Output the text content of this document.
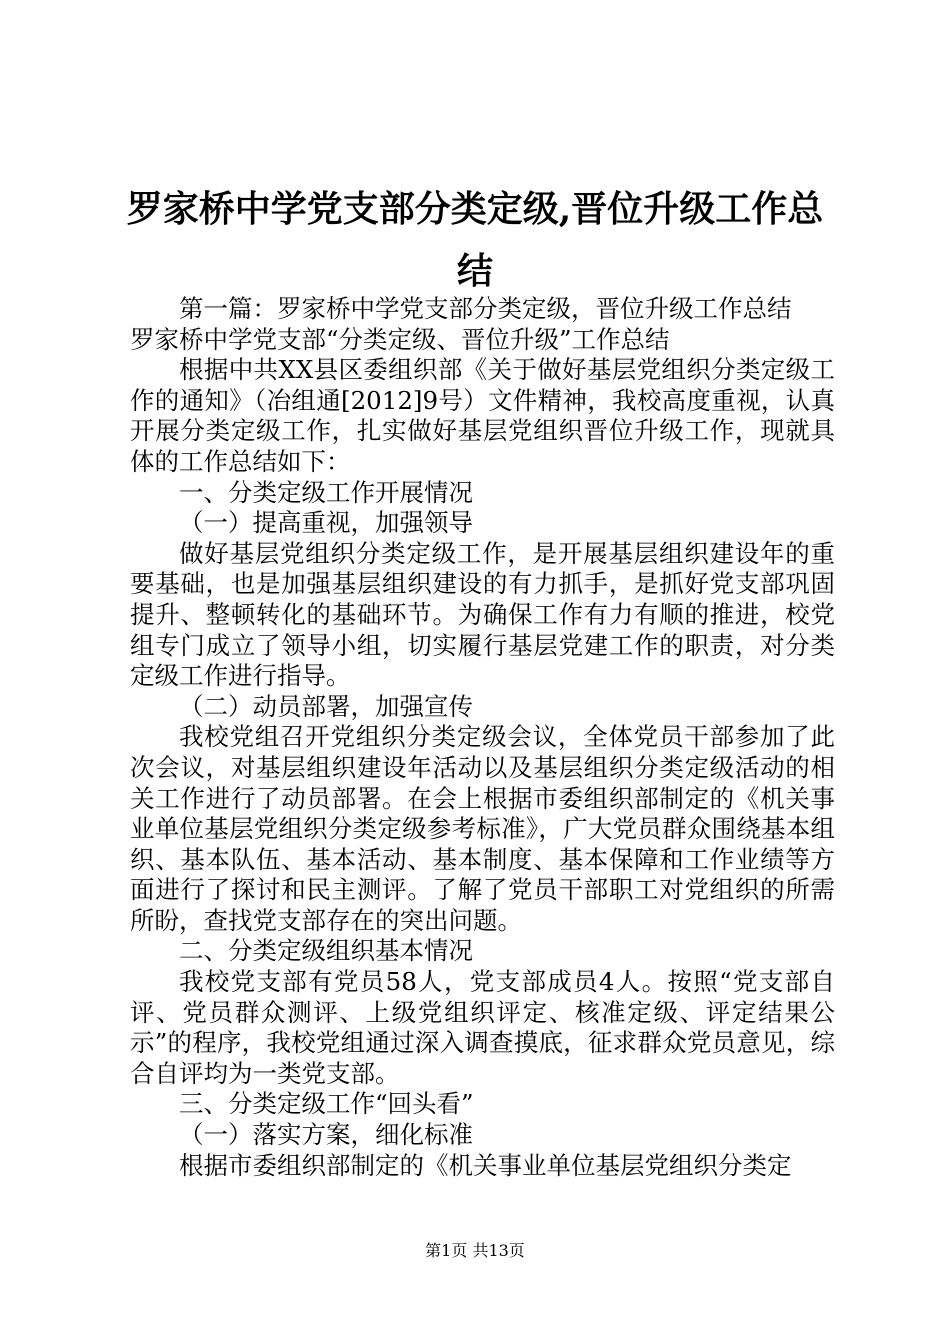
罗家桥中学党支部分类定级,晋位升级工作总结

第一篇：罗家桥中学党支部分类定级，晋位升级工作总结

罗家桥中学党支部“分类定级、晋位升级”工作总结

根据中共XX县区委组织部《关于做好基层党组织分类定级工作的通知》（冶组通[2012]9号）文件精神，我校高度重视，认真开展分类定级工作，扎实做好基层党组织晋位升级工作，现就具体的工作总结如下：

一、分类定级工作开展情况

（一）提高重视，加强领导

做好基层党组织分类定级工作，是开展基层组织建设年的重要基础，也是加强基层组织建设的有力抓手，是抓好党支部巩固提升、整顿转化的基础环节。为确保工作有力有顺的推进，校党组专门成立了领导小组，切实履行基层党建工作的职责，对分类定级工作进行指导。

（二）动员部署，加强宣传

我校党组召开党组织分类定级会议，全体党员干部参加了此次会议，对基层组织建设年活动以及基层组织分类定级活动的相关工作进行了动员部署。在会上根据市委组织部制定的《机关事业单位基层党组织分类定级参考标准》，广大党员群众围绕基本组织、基本队伍、基本活动、基本制度、基本保障和工作业绩等方面进行了探讨和民主测评。了解了党员干部职工对党组织的所需所盼，查找党支部存在的突出问题。

二、分类定级组织基本情况

我校党支部有党员58人，党支部成员4人。按照“党支部自评、党员群众测评、上级党组织评定、核准定级、评定结果公示”的程序，我校党组通过深入调查摸底，征求群众党员意见，综合自评均为一类党支部。

三、分类定级工作“回头看”

（一）落实方案，细化标准

根据市委组织部制定的《机关事业单位基层党组织分类定

第1页 共13页
